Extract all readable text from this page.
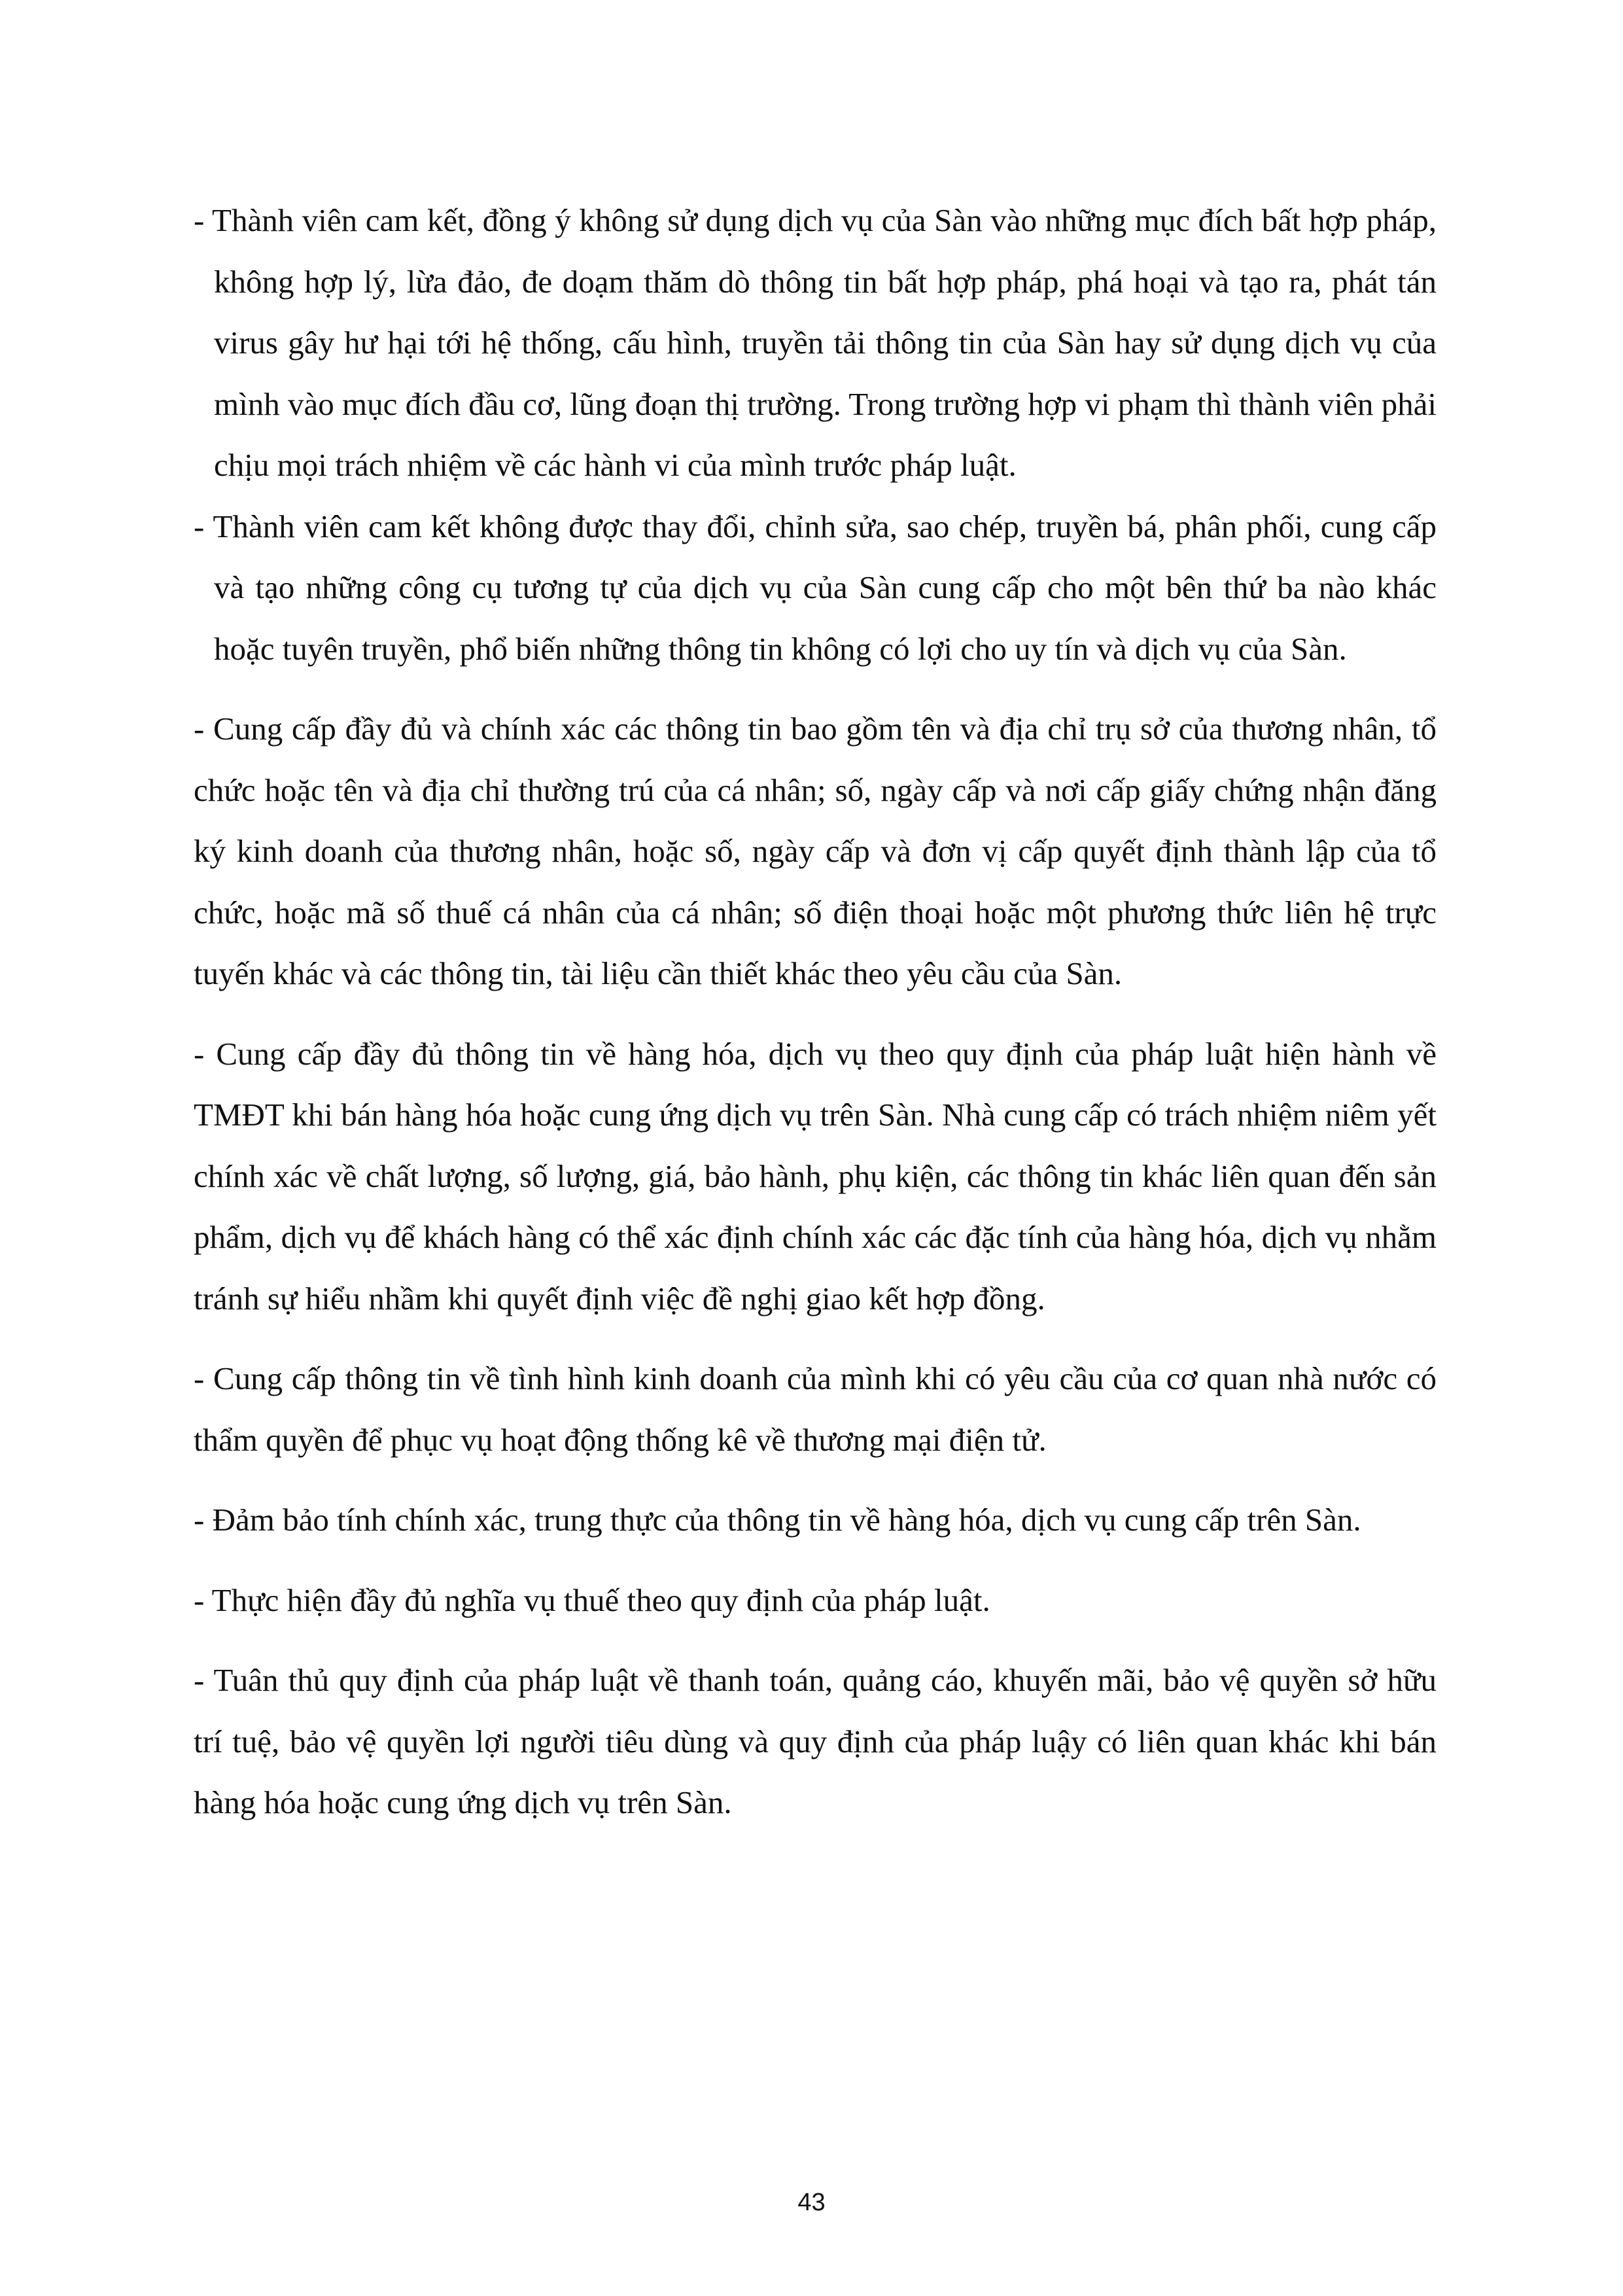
- Thành viên cam kết, đồng ý không sử dụng dịch vụ của Sàn vào những mục đích bất hợp pháp, không hợp lý, lừa đảo, đe doạm thăm dò thông tin bất hợp pháp, phá hoại và tạo ra, phát tán virus gây hư hại tới hệ thống, cấu hình, truyền tải thông tin của Sàn hay sử dụng dịch vụ của mình vào mục đích đầu cơ, lũng đoạn thị trường. Trong trường hợp vi phạm thì thành viên phải chịu mọi trách nhiệm về các hành vi của mình trước pháp luật.

- Thành viên cam kết không được thay đổi, chỉnh sửa, sao chép, truyền bá, phân phối, cung cấp và tạo những công cụ tương tự của dịch vụ của Sàn cung cấp cho một bên thứ ba nào khác hoặc tuyên truyền, phổ biến những thông tin không có lợi cho uy tín và dịch vụ của Sàn.

- Cung cấp đầy đủ và chính xác các thông tin bao gồm tên và địa chỉ trụ sở của thương nhân, tổ chức hoặc tên và địa chỉ thường trú của cá nhân; số, ngày cấp và nơi cấp giấy chứng nhận đăng ký kinh doanh của thương nhân, hoặc số, ngày cấp và đơn vị cấp quyết định thành lập của tổ chức, hoặc mã số thuế cá nhân của cá nhân; số điện thoại hoặc một phương thức liên hệ trực tuyến khác và các thông tin, tài liệu cần thiết khác theo yêu cầu của Sàn.

- Cung cấp đầy đủ thông tin về hàng hóa, dịch vụ theo quy định của pháp luật hiện hành về TMĐT khi bán hàng hóa hoặc cung ứng dịch vụ trên Sàn. Nhà cung cấp có trách nhiệm niêm yết chính xác về chất lượng, số lượng, giá, bảo hành, phụ kiện, các thông tin khác liên quan đến sản phẩm, dịch vụ để khách hàng có thể xác định chính xác các đặc tính của hàng hóa, dịch vụ nhằm tránh sự hiểu nhầm khi quyết định việc đề nghị giao kết hợp đồng.

- Cung cấp thông tin về tình hình kinh doanh của mình khi có yêu cầu của cơ quan nhà nước có thẩm quyền để phục vụ hoạt động thống kê về thương mại điện tử.

- Đảm bảo tính chính xác, trung thực của thông tin về hàng hóa, dịch vụ cung cấp trên Sàn.

- Thực hiện đầy đủ nghĩa vụ thuế theo quy định của pháp luật.

- Tuân thủ quy định của pháp luật về thanh toán, quảng cáo, khuyến mãi, bảo vệ quyền sở hữu trí tuệ, bảo vệ quyền lợi người tiêu dùng và quy định của pháp luậy có liên quan khác khi bán hàng hóa hoặc cung ứng dịch vụ trên Sàn.

43
